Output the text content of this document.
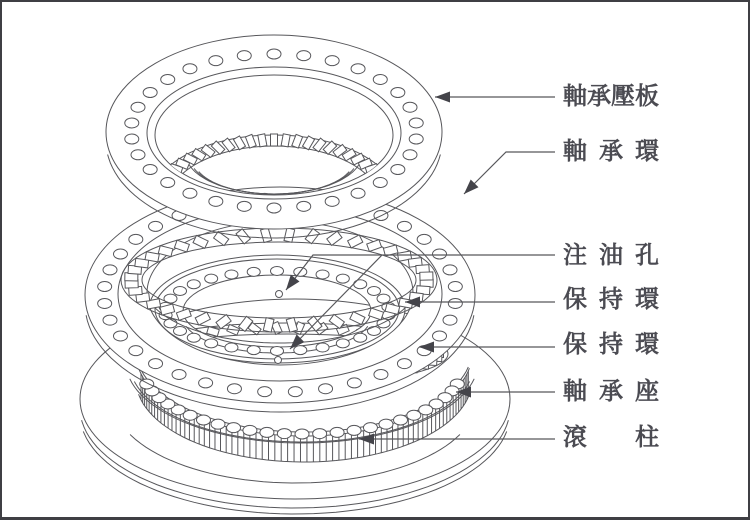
軸承壓板
軸承環
注油孔
保持環
保持環
軸承座
滾柱
